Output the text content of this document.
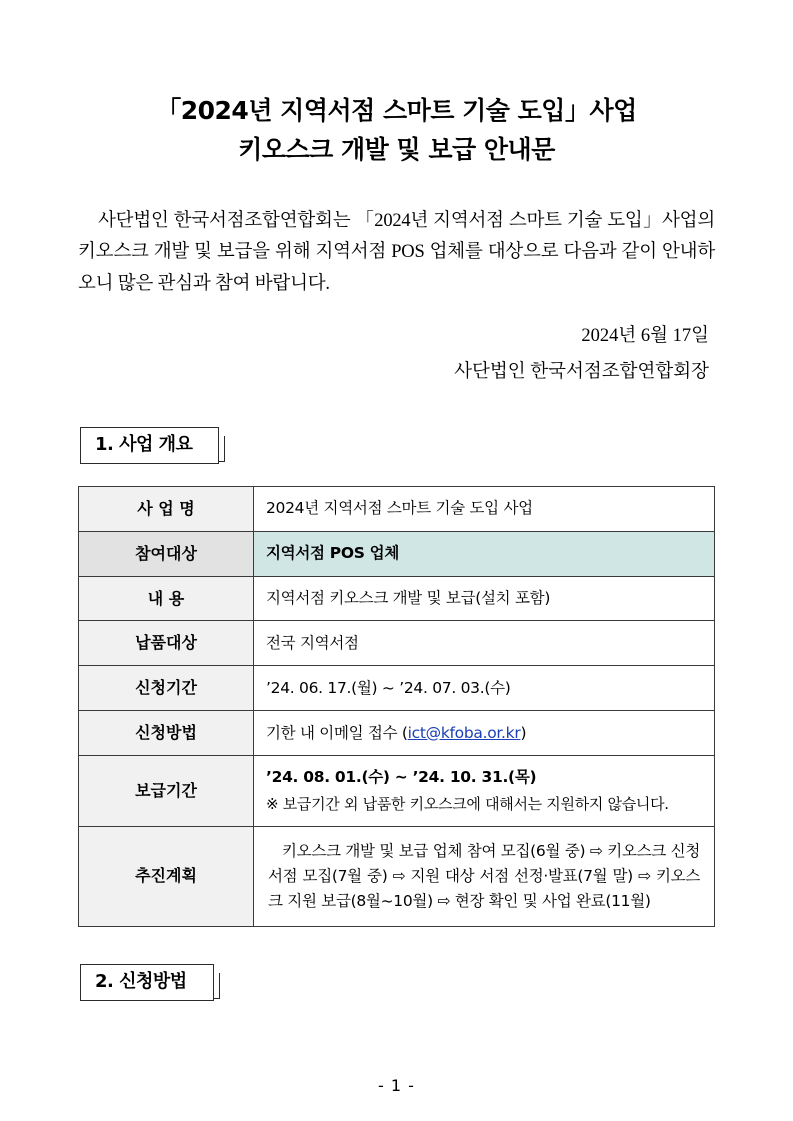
「2024년 지역서점 스마트 기술 도입」사업
키오스크 개발 및 보급 안내문

사단법인 한국서점조합연합회는 「2024년 지역서점 스마트 기술 도입」사업의 키오스크 개발 및 보급을 위해 지역서점 POS 업체를 대상으로 다음과 같이 안내하오니 많은 관심과 참여 바랍니다.

2024년 6월 17일
사단법인 한국서점조합연합회장
1. 사업 개요
사 업 명	2024년 지역서점 스마트 기술 도입 사업
참여대상	지역서점 POS 업체
내 용	지역서점 키오스크 개발 및 보급(설치 포함)
납품대상	전국 지역서점
신청기간	’24. 06. 17.(월) ~ ’24. 07. 03.(수)
신청방법	기한 내 이메일 접수 (ict@kfoba.or.kr)
보급기간	’24. 08. 01.(수) ~ ’24. 10. 31.(목)
※ 보급기간 외 납품한 키오스크에 대해서는 지원하지 않습니다.

추진계획	키오스크 개발 및 보급 업체 참여 모집(6월 중) ⇨ 키오스크 신청 서점 모집(7월 중) ⇨ 지원 대상 서점 선정·발표(7월 말) ⇨ 키오스크 지원 보급(8월~10월) ⇨ 현장 확인 및 사업 완료(11월)
2. 신청방법
- 1 -
